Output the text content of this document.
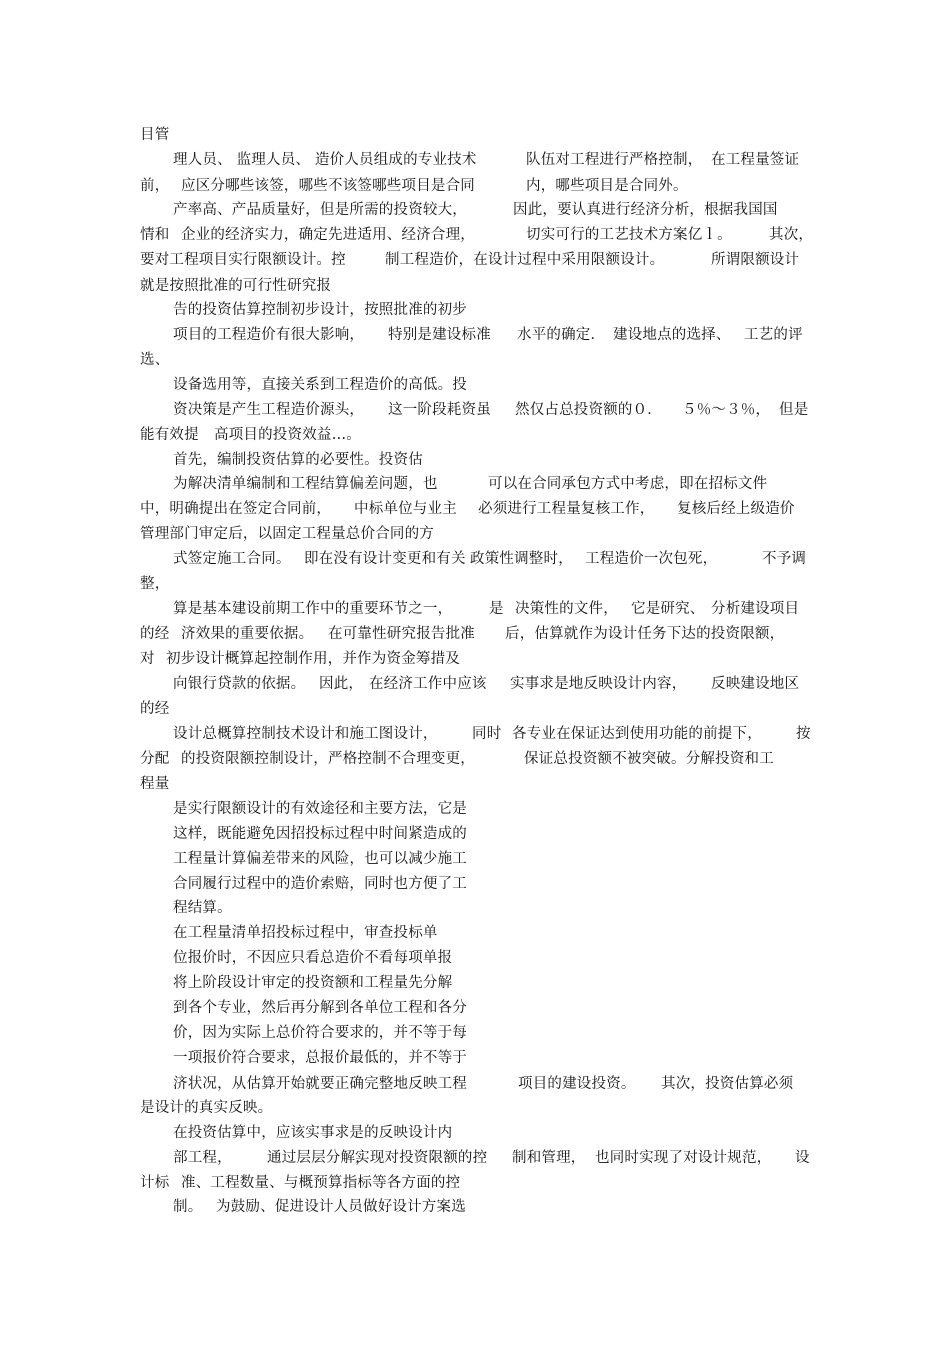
目管
理人员、 监理人员、 造价人员组成的专业技术	队伍对工程进行严格控制， 在工程量签证
前， 应区分哪些该签，哪些不该签哪些项目是合同	内，哪些项目是合同外。
产率高、产品质量好，但是所需的投资较大，	因此，要认真进行经济分析，根据我国国
情和 企业的经济实力，确定先进适用、经济合理，	切实可行的工艺技术方案亿ｌ。	其次，
要对工程项目实行限额设计。控	制工程造价，在设计过程中采用限额设计。	所谓限额设计
就是按照批准的可行性研究报
告的投资估算控制初步设计，按照批准的初步
项目的工程造价有很大影响， 特别是建设标准 水平的确定． 建设地点的选择、 工艺的评
选、
设备选用等，直接关系到工程造价的高低。投
资决策是产生工程造价源头， 这一阶段耗资虽 然仅占总投资额的０． ５％～３％， 但是
能有效提 高项目的投资效益…。
首先，编制投资估算的必要性。投资估
为解决清单编制和工程结算偏差问题，也	可以在合同承包方式中考虑，即在招标文件
中，明确提出在签定合同前， 中标单位与业主 必须进行工程量复核工作， 复核后经上级造价
管理部门审定后，以固定工程量总价合同的方
式签定施工合同。 即在没有设计变更和有关 政策性调整时， 工程造价一次包死，	不予调
整，
算是基本建设前期工作中的重要环节之一，	是 决策性的文件， 它是研究、 分析建设项目
的经 济效果的重要依据。 在可靠性研究报告批准 后，估算就作为设计任务下达的投资限额，
对 初步设计概算起控制作用，并作为资金筹措及
向银行贷款的依据。 因此， 在经济工作中应该 实事求是地反映设计内容， 反映建设地区
的经
设计总概算控制技术设计和施工图设计， 同时 各专业在保证达到使用功能的前提下， 按
分配 的投资限额控制设计，严格控制不合理变更，	保证总投资额不被突破。分解投资和工
程量
是实行限额设计的有效途径和主要方法，它是
这样，既能避免因招投标过程中时间紧造成的
工程量计算偏差带来的风险，也可以减少施工
合同履行过程中的造价索赔，同时也方便了工
程结算。
在工程量清单招投标过程中，审查投标单
位报价时，不因应只看总造价不看每项单报
将上阶段设计审定的投资额和工程量先分解
到各个专业，然后再分解到各单位工程和各分
价，因为实际上总价符合要求的，并不等于每
一项报价符合要求，总报价最低的，并不等于
济状况，从估算开始就要正确完整地反映工程	项目的建设投资。 其次，投资估算必须
是设计的真实反映。
在投资估算中，应该实事求是的反映设计内
部工程， 通过层层分解，
实现对投资限额的控 制和管理， 也同时实现了对设计规范， 设
计标 准、工程数量、与概预算指标等各方面的控
制。 为鼓励、促进设计人员做好设计方案选
